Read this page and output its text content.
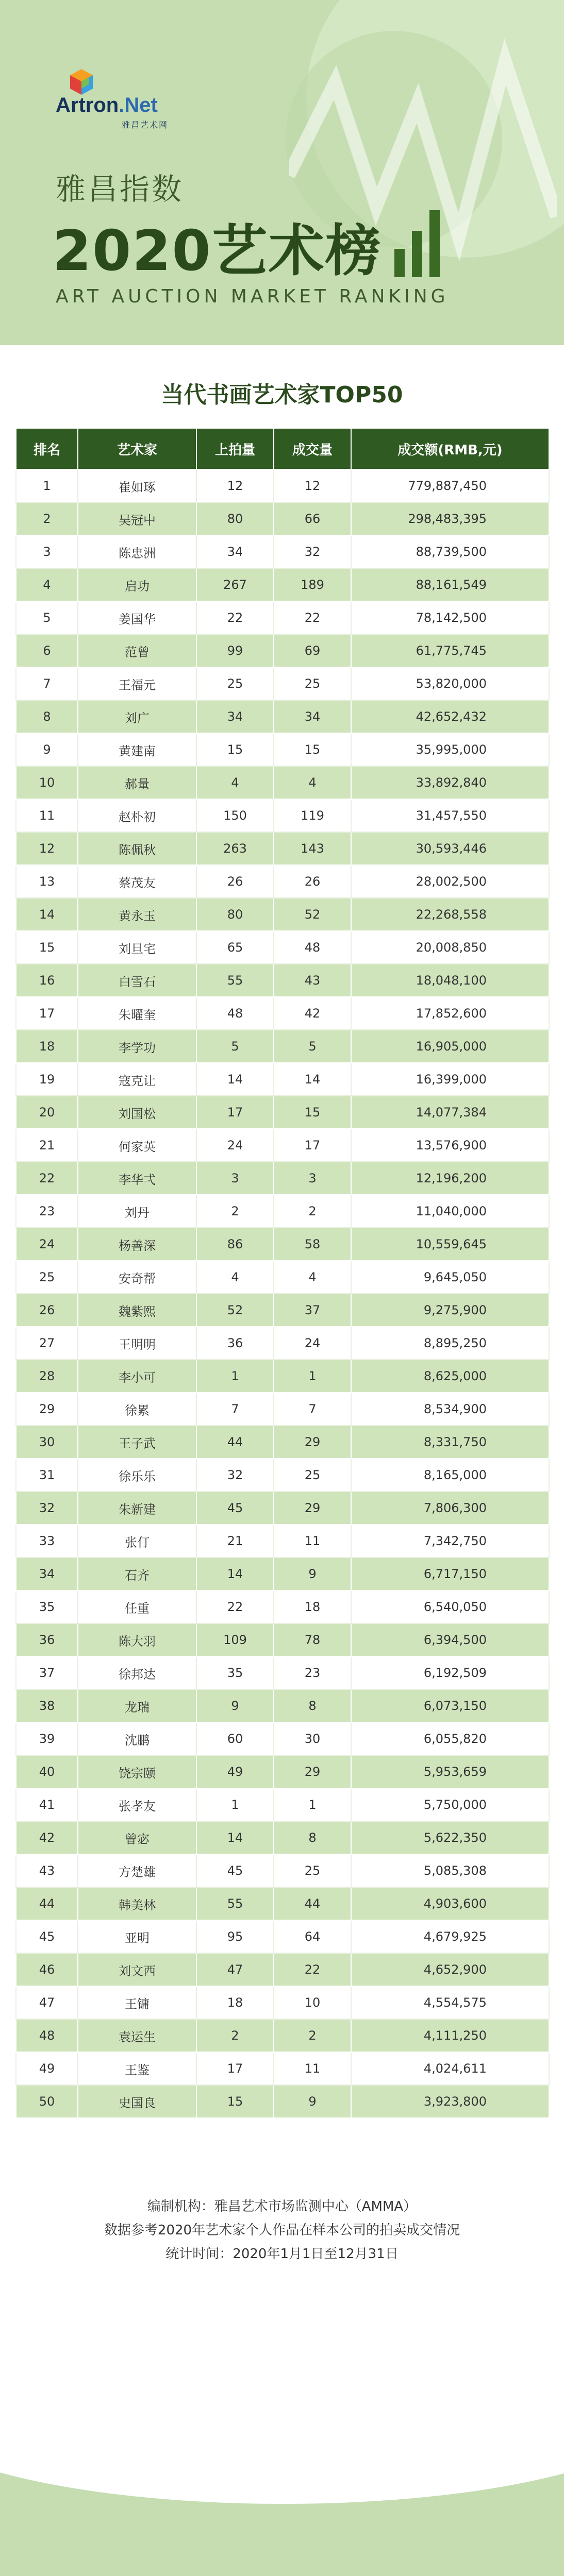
Artron.Net
雅昌艺术网
雅昌指数
2020艺术榜
ART AUCTION MARKET RANKING
当代书画艺术家TOP50
排名	艺术家	上拍量	成交量	成交额(RMB,元)
1	崔如琢	12	12	779,887,450
2	吴冠中	80	66	298,483,395
3	陈忠洲	34	32	88,739,500
4	启功	267	189	88,161,549
5	姜国华	22	22	78,142,500
6	范曾	99	69	61,775,745
7	王福元	25	25	53,820,000
8	刘广	34	34	42,652,432
9	黄建南	15	15	35,995,000
10	郝量	4	4	33,892,840
11	赵朴初	150	119	31,457,550
12	陈佩秋	263	143	30,593,446
13	蔡茂友	26	26	28,002,500
14	黄永玉	80	52	22,268,558
15	刘旦宅	65	48	20,008,850
16	白雪石	55	43	18,048,100
17	朱曜奎	48	42	17,852,600
18	李学功	5	5	16,905,000
19	寇克让	14	14	16,399,000
20	刘国松	17	15	14,077,384
21	何家英	24	17	13,576,900
22	李华弌	3	3	12,196,200
23	刘丹	2	2	11,040,000
24	杨善深	86	58	10,559,645
25	安奇帮	4	4	9,645,050
26	魏紫熙	52	37	9,275,900
27	王明明	36	24	8,895,250
28	李小可	1	1	8,625,000
29	徐累	7	7	8,534,900
30	王子武	44	29	8,331,750
31	徐乐乐	32	25	8,165,000
32	朱新建	45	29	7,806,300
33	张仃	21	11	7,342,750
34	石齐	14	9	6,717,150
35	任重	22	18	6,540,050
36	陈大羽	109	78	6,394,500
37	徐邦达	35	23	6,192,509
38	龙瑞	9	8	6,073,150
39	沈鹏	60	30	6,055,820
40	饶宗颐	49	29	5,953,659
41	张孝友	1	1	5,750,000
42	曾宓	14	8	5,622,350
43	方楚雄	45	25	5,085,308
44	韩美林	55	44	4,903,600
45	亚明	95	64	4,679,925
46	刘文西	47	22	4,652,900
47	王镛	18	10	4,554,575
48	袁运生	2	2	4,111,250
49	王鉴	17	11	4,024,611
50	史国良	15	9	3,923,800
编制机构：雅昌艺术市场监测中心（AMMA）
数据参考2020年艺术家个人作品在样本公司的拍卖成交情况
统计时间：2020年1月1日至12月31日
